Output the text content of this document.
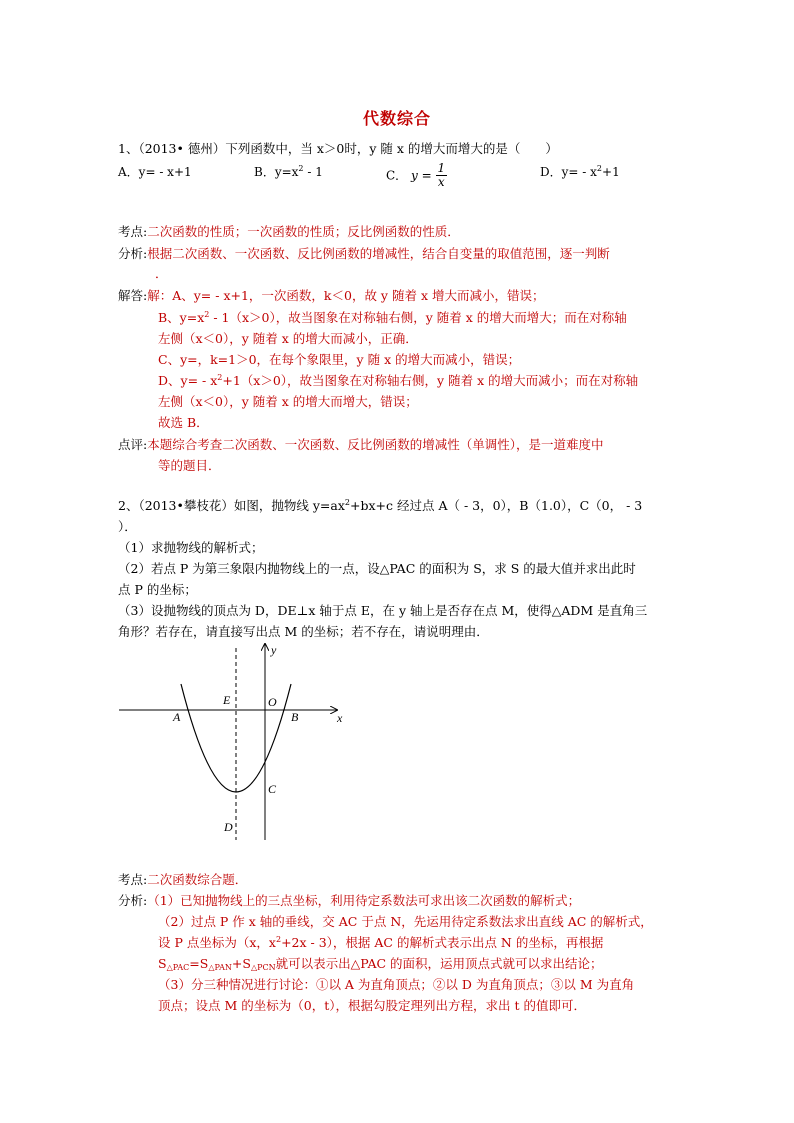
代数综合
1、（2013• 德州）下列函数中，当 x＞0时，y 随 x 的增大而增大的是（　　）
A．y= - x+1	B．$y=x^2 - 1$	C． $y = \frac{1}{x}$	D．$y= - x^2+1$
考点:二次函数的性质；一次函数的性质；反比例函数的性质．
分析:根据二次函数、一次函数、反比例函数的增减性，结合自变量的取值范围，逐一判断
．
解答:解：A、y= - x+1，一次函数，k＜0，故 y 随着 x 增大而减小，错误；
B、$y=x^2 - 1(x>0)$，故当图象在对称轴右侧，y 随着 x 的增大而增大；而在对称轴
左侧（x＜0），y 随着 x 的增大而减小，正确．
C、y=，k=1＞0，在每个象限里，y 随 x 的增大而减小，错误；
D、$y= - x^2+1(x>0)$，故当图象在对称轴右侧，y 随着 x 的增大而减小；而在对称轴
左侧（x＜0），y 随着 x 的增大而增大，错误；
故选 B．
点评:本题综合考查二次函数、一次函数、反比例函数的增减性（单调性），是一道难度中
等的题目．
2、（2013•攀枝花）如图，抛物线 $y=ax^2+bx+c$ 经过点 A（ - 3，0），B（1.0），C（0， - 3
）．
（1）求抛物线的解析式；
（2）若点 P 为第三象限内抛物线上的一点，设△PAC 的面积为 S，求 S 的最大值并求出此时
点 P 的坐标；
（3）设抛物线的顶点为 D，DE⊥x 轴于点 E，在 y 轴上是否存在点 M，使得△ADM 是直角三
角形？若存在，请直接写出点 M 的坐标；若不存在，请说明理由．
y
x
E	O
A	B
C
D
考点:二次函数综合题．
分析:（1）已知抛物线上的三点坐标，利用待定系数法可求出该二次函数的解析式；
（2）过点 P 作 x 轴的垂线，交 AC 于点 N，先运用待定系数法求出直线 AC 的解析式，
设 P 点坐标为（x，$x^2+2x - 3$），根据 AC 的解析式表示出点 N 的坐标，再根据
$S_{\triangle PAC}=S_{\triangle PAN}+S_{\triangle PCN}$就可以表示出△PAC 的面积，运用顶点式就可以求出结论；
（3）分三种情况进行讨论：①以 A 为直角顶点；②以 D 为直角顶点；③以 M 为直角
顶点；设点 M 的坐标为（0，t），根据勾股定理列出方程，求出 t 的值即可．
